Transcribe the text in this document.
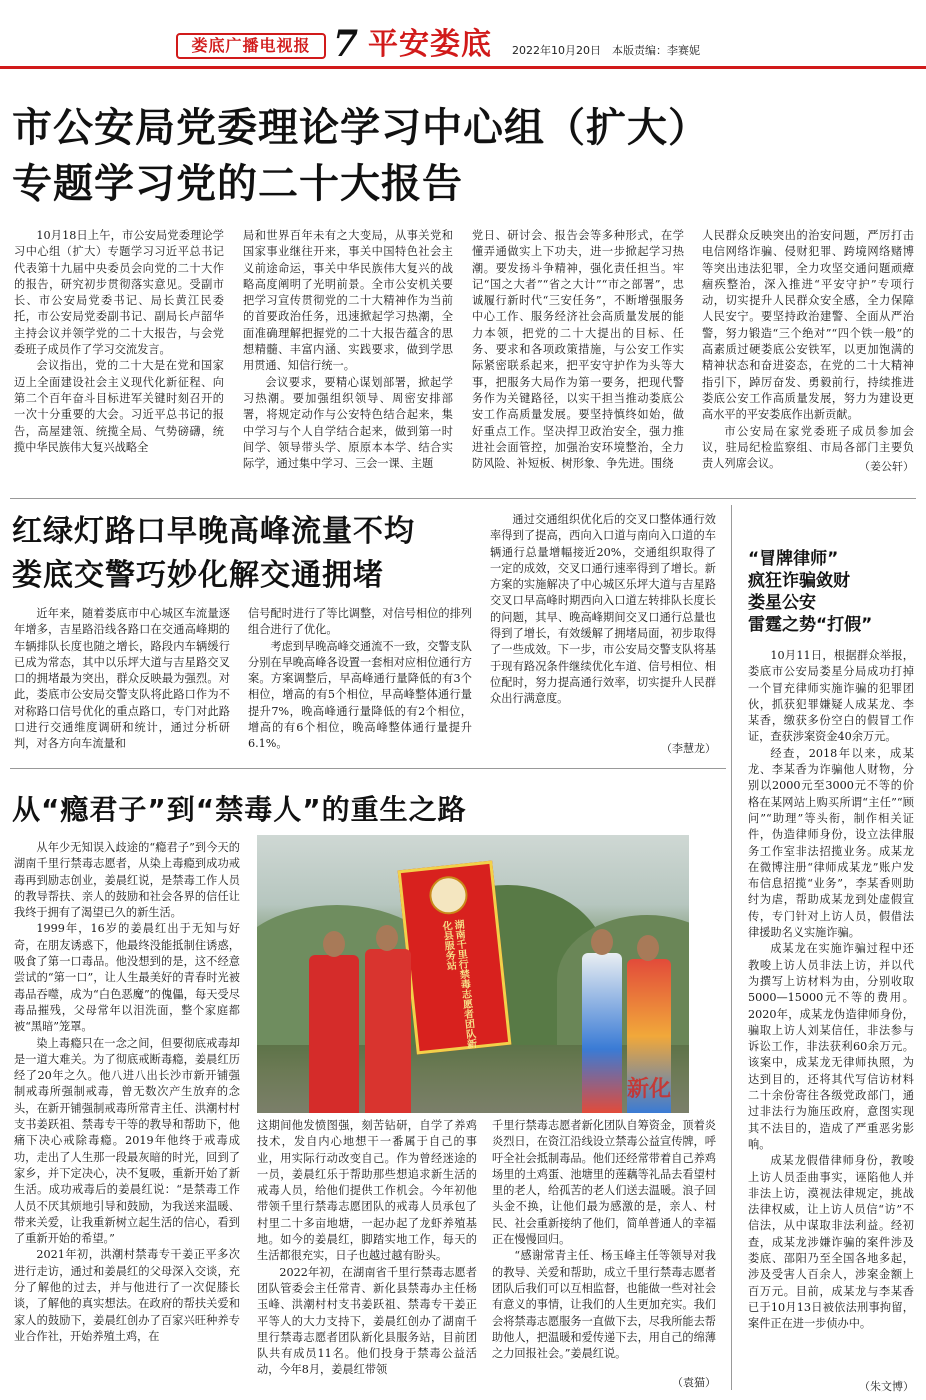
娄底广播电视报 7 平安娄底 2022年10月20日　本版责编：李赛妮
市公安局党委理论学习中心组（扩大）
专题学习党的二十大报告

10月18日上午，市公安局党委理论学习中心组（扩大）专题学习习近平总书记代表第十九届中央委员会向党的二十大作的报告，研究初步贯彻落实意见。受副市长、市公安局党委书记、局长黄江民委托，市公安局党委副书记、副局长卢韶华主持会议并领学党的二十大报告，与会党委班子成员作了学习交流发言。

会议指出，党的二十大是在党和国家迈上全面建设社会主义现代化新征程、向第二个百年奋斗目标进军关键时刻召开的一次十分重要的大会。习近平总书记的报告，高屋建瓴、统揽全局、气势磅礴，统揽中华民族伟大复兴战略全

局和世界百年未有之大变局，从事关党和国家事业继往开来，事关中国特色社会主义前途命运，事关中华民族伟大复兴的战略高度阐明了光明前景。全市公安机关要把学习宣传贯彻党的二十大精神作为当前的首要政治任务，迅速掀起学习热潮，全面准确理解把握党的二十大报告蕴含的思想精髓、丰富内涵、实践要求，做到学思用贯通、知信行统一。

会议要求，要精心谋划部署，掀起学习热潮。要加强组织领导、周密安排部署，将规定动作与公安特色结合起来，集中学习与个人自学结合起来，做到第一时间学、领导带头学、原原本本学、结合实际学，通过集中学习、三会一课、主题

党日、研讨会、报告会等多种形式，在学懂弄通做实上下功夫，进一步掀起学习热潮。要发扬斗争精神，强化责任担当。牢记“国之大者”“省之大计”“市之部署”，忠诚履行新时代“三安任务”，不断增强服务中心工作、服务经济社会高质量发展的能力本领，把党的二十大提出的目标、任务、要求和各项政策措施，与公安工作实际紧密联系起来，把平安守护作为头等大事，把服务大局作为第一要务，把现代警务作为关键路径，以实干担当推动娄底公安工作高质量发展。要坚持慎终如始，做好重点工作。坚决捍卫政治安全，强力推进社会面管控，加强治安环境整治，全力防风险、补短板、树形象、争先进。围绕

人民群众反映突出的治安问题，严厉打击电信网络诈骗、侵财犯罪、跨境网络赌博等突出违法犯罪，全力攻坚交通问题顽瘴痼疾整治，深入推进“平安守护”专项行动，切实提升人民群众安全感，全力保障人民安宁。要坚持政治建警、全面从严治警，努力锻造“三个绝对”“四个铁一般”的高素质过硬娄底公安铁军，以更加饱满的精神状态和奋进姿态，在党的二十大精神指引下，踔厉奋发、勇毅前行，持续推进娄底公安工作高质量发展，努力为建设更高水平的平安娄底作出新贡献。

市公安局在家党委班子成员参加会议，驻局纪检监察组、市局各部门主要负责人列席会议。	（姜公轩）
红绿灯路口早晚高峰流量不均
娄底交警巧妙化解交通拥堵

近年来，随着娄底市中心城区车流量逐年增多，吉星路沿线各路口在交通高峰期的车辆排队长度也随之增长，路段内车辆缓行已成为常态，其中以乐坪大道与吉星路交叉口的拥堵最为突出，群众反映最为强烈。对此，娄底市公安局交警支队将此路口作为不对称路口信号优化的重点路口，专门对此路口进行交通维度调研和统计，通过分析研判，对各方向车流量和

信号配时进行了等比调整，对信号相位的排列组合进行了优化。

考虑到早晚高峰交通流不一致，交警支队分别在早晚高峰各设置一套相对应相位通行方案。方案调整后，早高峰通行量降低的有3个相位，增高的有5个相位，早高峰整体通行量提升7%，晚高峰通行量降低的有2个相位，增高的有6个相位，晚高峰整体通行量提升6.1%。

通过交通组织优化后的交叉口整体通行效率得到了提高，西向入口道与南向入口道的车辆通行总量增幅接近20%，交通组织取得了一定的成效，交叉口通行速率得到了增长。新方案的实施解决了中心城区乐坪大道与吉星路交叉口早高峰时期西向入口道左转排队长度长的问题，其早、晚高峰期间交叉口通行总量也得到了增长，有效缓解了拥堵局面，初步取得了一些成效。下一步，市公安局交警支队将基于现有路况条件继续优化车道、信号相位、相位配时，努力提高通行效率，切实提升人民群众出行满意度。

（李慧龙）
从“瘾君子”到“禁毒人”的重生之路

从年少无知误入歧途的“瘾君子”到今天的湖南千里行禁毒志愿者，从染上毒瘾到成功戒毒再到励志创业，姜晨红说，是禁毒工作人员的教导帮扶、亲人的鼓励和社会各界的信任让我终于拥有了渴望已久的新生活。

1999年，16岁的姜晨红出于无知与好奇，在朋友诱惑下，他最终没能抵制住诱惑，吸食了第一口毒品。他没想到的是，这不经意尝试的“第一口”，让人生最美好的青春时光被毒品吞噬，成为“白色恶魔”的傀儡，每天受尽毒品摧残，父母常年以泪洗面，整个家庭都被“黑暗”笼罩。

染上毒瘾只在一念之间，但要彻底戒毒却是一道大难关。为了彻底戒断毒瘾，姜晨红历经了20年之久。他八进八出长沙市新开铺强制戒毒所强制戒毒，曾无数次产生放弃的念头，在新开铺强制戒毒所常青主任、洪潮村村支书姜跃祖、禁毒专干等的教导和帮助下，他痛下决心戒除毒瘾。2019年他终于戒毒成功，走出了人生那一段最灰暗的时光，回到了家乡，并下定决心，决不复吸，重新开始了新生活。成功戒毒后的姜晨红说：“是禁毒工作人员不厌其烦地引导和鼓励，为我送来温暖、带来关爱，让我重新树立起生活的信心，看到了重新开始的希望。”

2021年初，洪潮村禁毒专干姜正平多次进行走访，通过和姜晨红的父母深入交谈，充分了解他的过去，并与他进行了一次促膝长谈，了解他的真实想法。在政府的帮扶关爱和家人的鼓励下，姜晨红创办了百家兴旺种养专业合作社，开始养殖土鸡，在

湖南千里行禁毒志愿者团队新化县服务站
新化

这期间他发愤图强，刻苦钻研，自学了养鸡技术，发自内心地想干一番属于自己的事业，用实际行动改变自己。作为曾经迷途的一员，姜晨红乐于帮助那些想追求新生活的戒毒人员，给他们提供工作机会。今年初他带领千里行禁毒志愿团队的戒毒人员承包了村里二十多亩地塘，一起办起了龙虾养殖基地。如今的姜晨红，脚踏实地工作，每天的生活都很充实，日子也越过越有盼头。

2022年初，在湖南省千里行禁毒志愿者团队管委会主任常青、新化县禁毒办主任杨玉峰、洪潮村村支书姜跃祖、禁毒专干姜正平等人的大力支持下，姜晨红创办了湖南千里行禁毒志愿者团队新化县服务站，目前团队共有成员11名。他们投身于禁毒公益活动，今年8月，姜晨红带领

千里行禁毒志愿者新化团队自筹资金，顶着炎炎烈日，在资江沿线设立禁毒公益宣传牌，呼吁全社会抵制毒品。他们还经常带着自己养鸡场里的土鸡蛋、池塘里的莲藕等礼品去看望村里的老人，给孤苦的老人们送去温暖。浪子回头金不换，让他们最为感激的是，亲人、村民、社会重新接纳了他们，简单普通人的幸福正在慢慢回归。

“感谢常青主任、杨玉峰主任等领导对我的教导、关爱和帮助，成立千里行禁毒志愿者团队后我们可以互相监督，也能做一些对社会有意义的事情，让我们的人生更加充实。我们会将禁毒志愿服务一直做下去，尽我所能去帮助他人，把温暖和爱传递下去，用自己的绵薄之力回报社会。”姜晨红说。

（袁猫）
“冒牌律师”
疯狂诈骗敛财
娄星公安
雷霆之势“打假”

10月11日，根据群众举报，娄底市公安局娄星分局成功打掉一个冒充律师实施诈骗的犯罪团伙，抓获犯罪嫌疑人成某龙、李某香，缴获多份空白的假冒工作证，查获涉案资金40余万元。

经查，2018年以来，成某龙、李某香为诈骗他人财物，分别以2000元至3000元不等的价格在某网站上购买所谓“主任”“顾问”“助理”等头衔，制作相关证件，伪造律师身份，设立法律服务工作室非法招揽业务。成某龙在微博注册“律师成某龙”账户发布信息招揽“业务”，李某香则助纣为虐，帮助成某龙到处虚假宣传，专门针对上访人员，假借法律援助名义实施诈骗。

成某龙在实施诈骗过程中还教唆上访人员非法上访，并以代为撰写上访材料为由，分别收取5000—15000元不等的费用。2020年，成某龙伪造律师身份，骗取上访人刘某信任，非法参与诉讼工作，非法获利60余万元。该案中，成某龙无律师执照，为达到目的，还将其代写信访材料二十余份寄往各级党政部门，通过非法行为施压政府，意图实现其不法目的，造成了严重恶劣影响。

成某龙假借律师身份，教唆上访人员歪曲事实，诬陷他人并非法上访，漠视法律规定，挑战法律权威，让上访人员信“访”不信法，从中谋取非法利益。经初查，成某龙涉嫌诈骗的案件涉及娄底、邵阳乃至全国各地多起，涉及受害人百余人，涉案金额上百万元。目前，成某龙与李某香已于10月13日被依法刑事拘留，案件正在进一步侦办中。

（朱文博）
